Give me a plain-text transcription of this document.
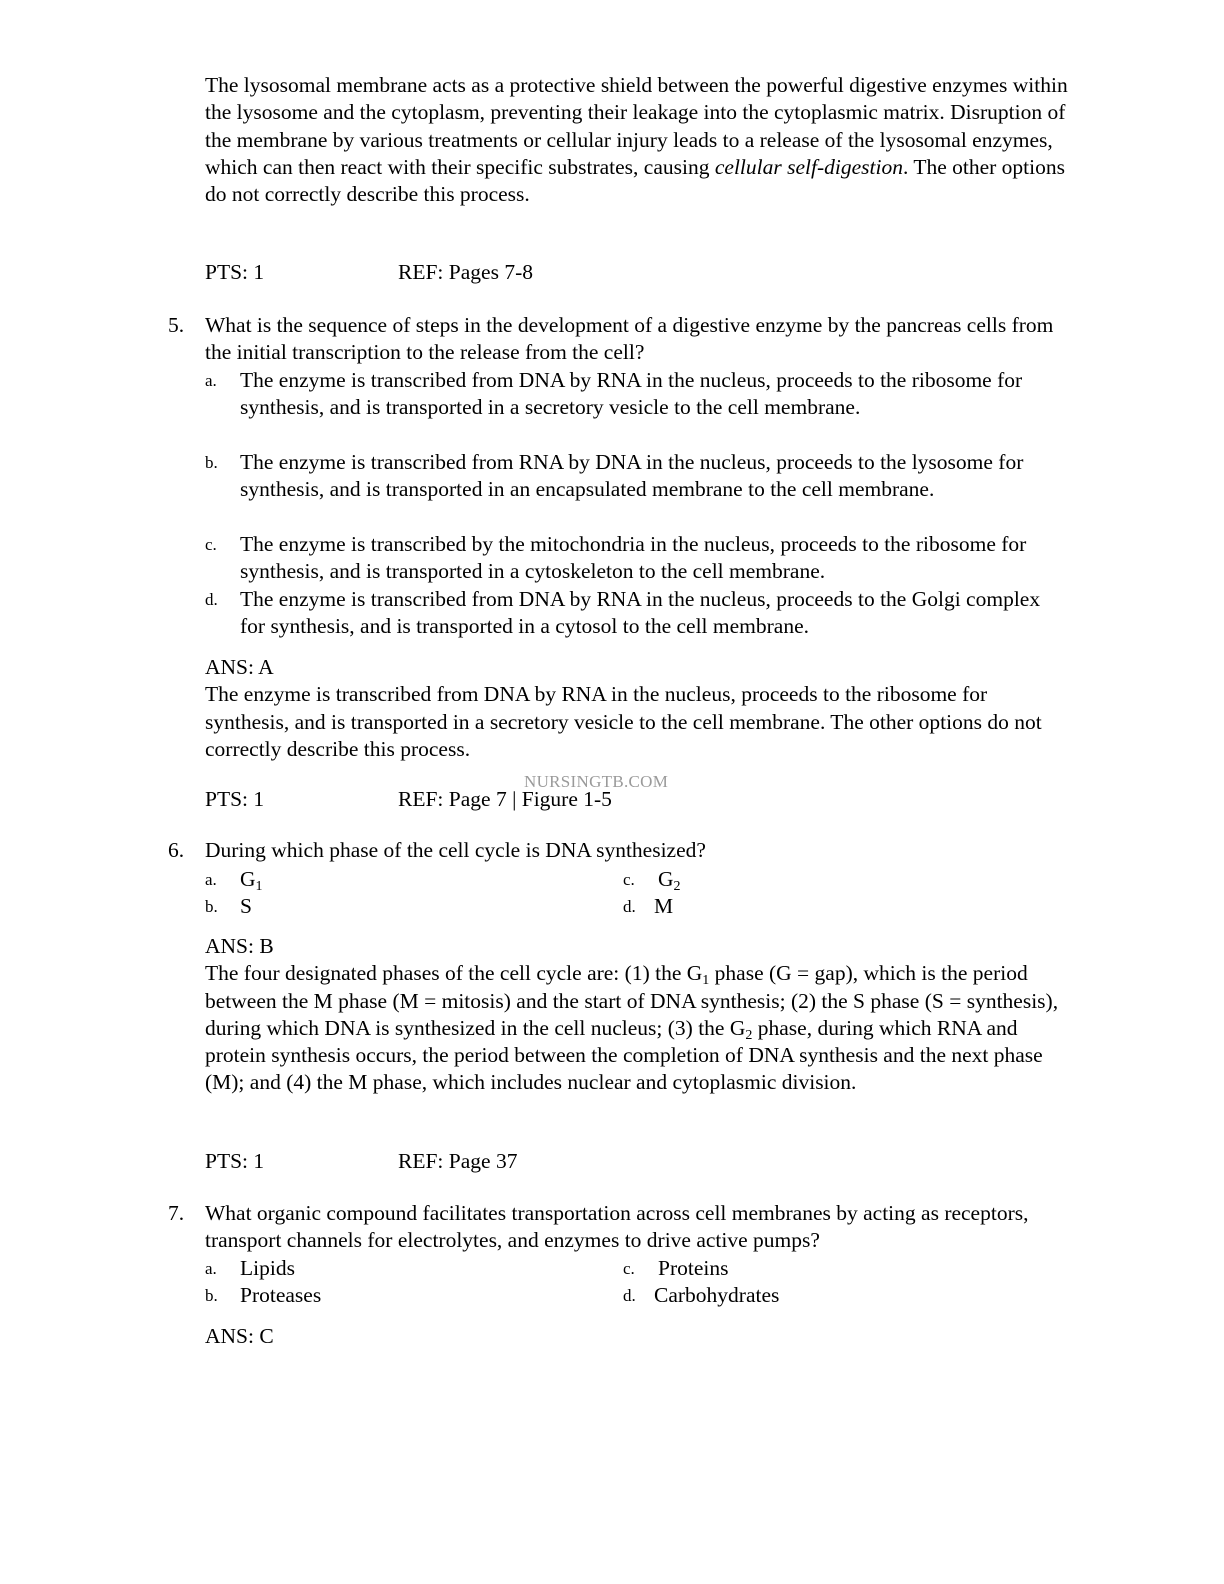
The lysosomal membrane acts as a protective shield between the powerful digestive enzymes within the lysosome and the cytoplasm, preventing their leakage into the cytoplasmic matrix. Disruption of the membrane by various treatments or cellular injury leads to a release of the lysosomal enzymes, which can then react with their specific substrates, causing cellular self-digestion. The other options do not correctly describe this process.

PTS: 1	REF: Pages 7-8
5. What is the sequence of steps in the development of a digestive enzyme by the pancreas cells from the initial transcription to the release from the cell?
a. The enzyme is transcribed from DNA by RNA in the nucleus, proceeds to the ribosome for synthesis, and is transported in a secretory vesicle to the cell membrane.
b. The enzyme is transcribed from RNA by DNA in the nucleus, proceeds to the lysosome for synthesis, and is transported in an encapsulated membrane to the cell membrane.
c. The enzyme is transcribed by the mitochondria in the nucleus, proceeds to the ribosome for synthesis, and is transported in a cytoskeleton to the cell membrane.
d. The enzyme is transcribed from DNA by RNA in the nucleus, proceeds to the Golgi complex for synthesis, and is transported in a cytosol to the cell membrane.

ANS: A

The enzyme is transcribed from DNA by RNA in the nucleus, proceeds to the ribosome for synthesis, and is transported in a secretory vesicle to the cell membrane. The other options do not correctly describe this process.

NURSINGTB.COM
PTS: 1	REF: Page 7 | Figure 1-5
6. During which phase of the cell cycle is DNA synthesized?
a. $G_1$
b. S
c. $G_2$
d. M

ANS: B

The four designated phases of the cell cycle are: (1) the $G_1$ phase (G = gap), which is the period between the M phase (M = mitosis) and the start of DNA synthesis; (2) the S phase (S = synthesis), during which DNA is synthesized in the cell nucleus; (3) the $G_2$ phase, during which RNA and protein synthesis occurs, the period between the completion of DNA synthesis and the next phase (M); and (4) the M phase, which includes nuclear and cytoplasmic division.

PTS: 1	REF: Page 37
7. What organic compound facilitates transportation across cell membranes by acting as receptors, transport channels for electrolytes, and enzymes to drive active pumps?
a. Lipids
b. Proteases
c. Proteins
d. Carbohydrates

ANS: C
